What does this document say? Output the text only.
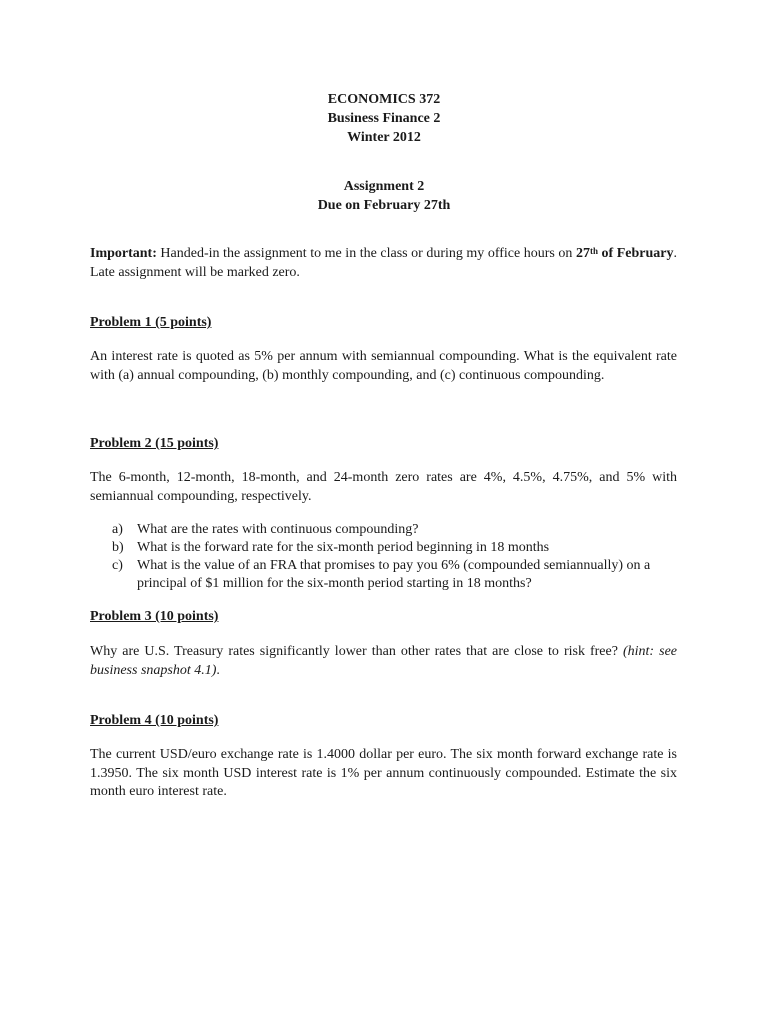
ECONOMICS 372
Business Finance 2
Winter 2012
Assignment 2
Due on February 27th
Important: Handed-in the assignment to me in the class or during my office hours on 27th of February. Late assignment will be marked zero.
Problem 1 (5 points)
An interest rate is quoted as 5% per annum with semiannual compounding. What is the equivalent rate with (a) annual compounding, (b) monthly compounding, and (c) continuous compounding.
Problem 2 (15 points)
The 6-month, 12-month, 18-month, and 24-month zero rates are 4%, 4.5%, 4.75%, and 5% with semiannual compounding, respectively.
a) What are the rates with continuous compounding?
b) What is the forward rate for the six-month period beginning in 18 months
c) What is the value of an FRA that promises to pay you 6% (compounded semiannually) on a principal of $1 million for the six-month period starting in 18 months?
Problem 3 (10 points)
Why are U.S. Treasury rates significantly lower than other rates that are close to risk free? (hint: see business snapshot 4.1).
Problem 4 (10 points)
The current USD/euro exchange rate is 1.4000 dollar per euro. The six month forward exchange rate is 1.3950. The six month USD interest rate is 1% per annum continuously compounded. Estimate the six month euro interest rate.
